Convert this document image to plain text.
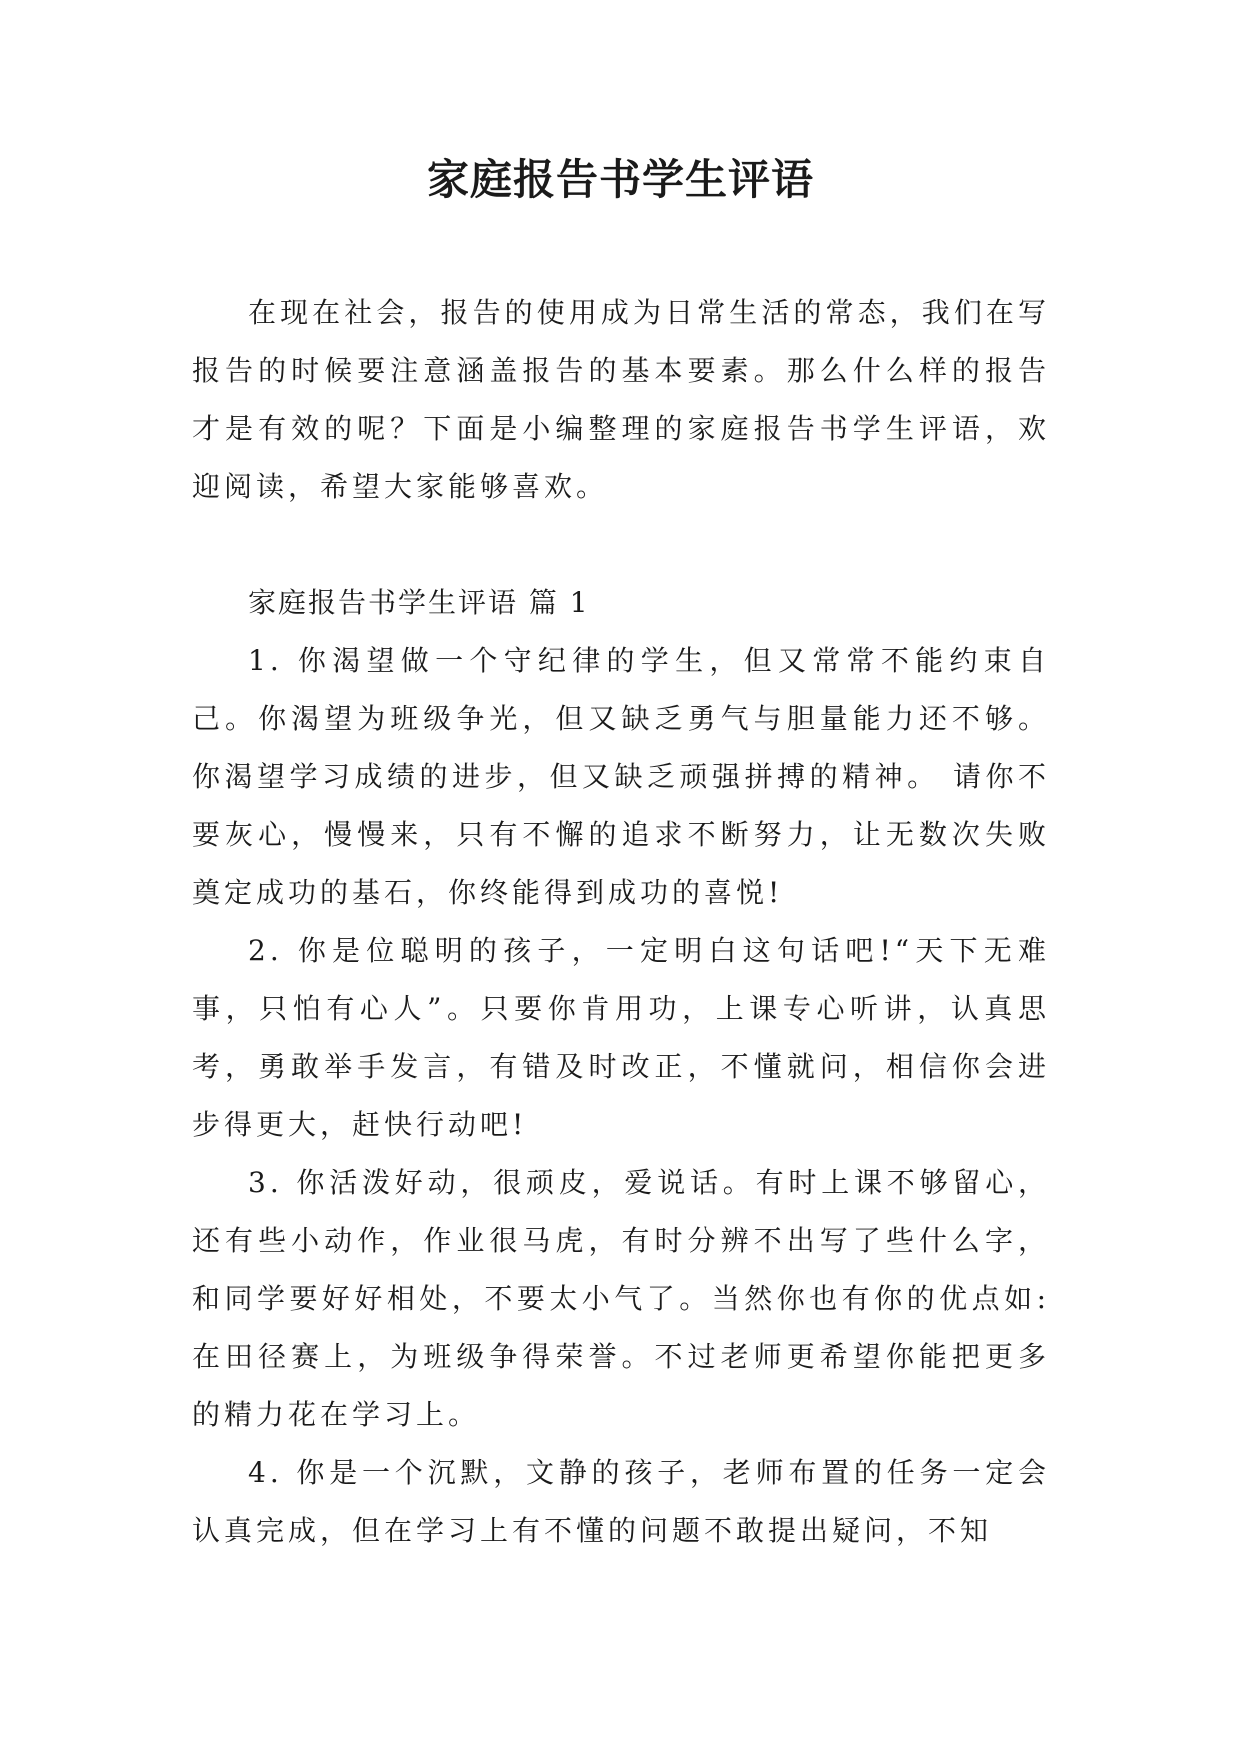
家庭报告书学生评语

在现在社会，报告的使用成为日常生活的常态，我们在写报告的时候要注意涵盖报告的基本要素。那么什么样的报告才是有效的呢？下面是小编整理的家庭报告书学生评语，欢迎阅读，希望大家能够喜欢。

家庭报告书学生评语 篇 1

1. 你渴望做一个守纪律的学生，但又常常不能约束自己。你渴望为班级争光，但又缺乏勇气与胆量能力还不够。你渴望学习成绩的进步，但又缺乏顽强拼搏的精神。 请你不要灰心，慢慢来，只有不懈的追求不断努力，让无数次失败奠定成功的基石，你终能得到成功的喜悦!

2. 你是位聪明的孩子，一定明白这句话吧!“天下无难事，只怕有心人”。只要你肯用功，上课专心听讲，认真思考，勇敢举手发言，有错及时改正，不懂就问，相信你会进步得更大，赶快行动吧!

3. 你活泼好动，很顽皮，爱说话。有时上课不够留心，还有些小动作，作业很马虎，有时分辨不出写了些什么字，和同学要好好相处，不要太小气了。当然你也有你的优点如:在田径赛上，为班级争得荣誉。不过老师更希望你能把更多的精力花在学习上。

4. 你是一个沉默，文静的孩子，老师布置的任务一定会认真完成，但在学习上有不懂的问题不敢提出疑问，不知
